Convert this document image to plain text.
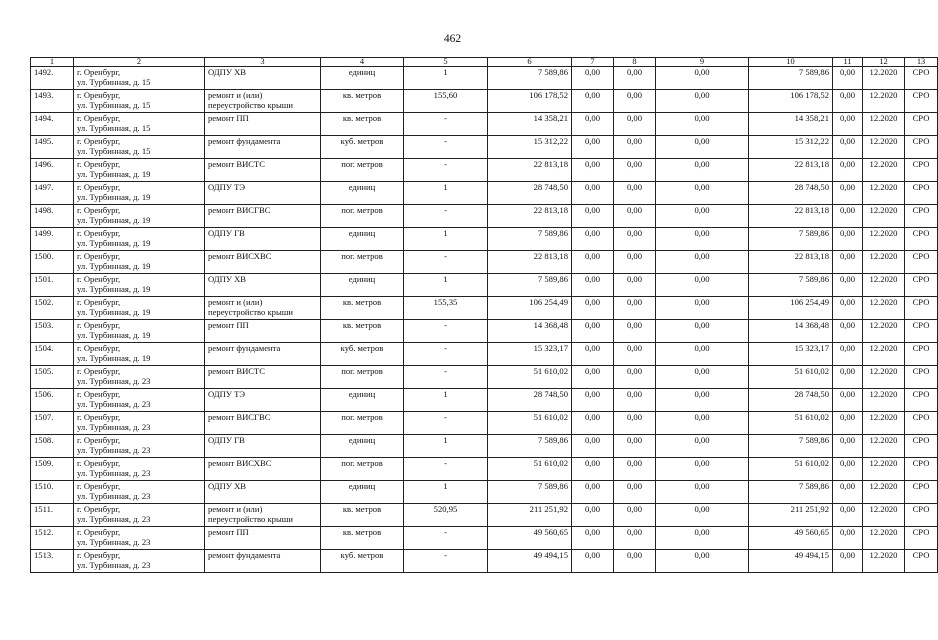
462
1	2	3	4	5	6	7	8	9	10	11	12	13

1492.	г. Оренбург,
ул. Турбинная, д. 15	ОДПУ ХВ	единиц	1	7 589,86	0,00	0,00	0,00	7 589,86	0,00	12.2020	СРО

1493.	г. Оренбург,
ул. Турбинная, д. 15	ремонт и (или)
переустройство крыши	кв. метров	155,60	106 178,52	0,00	0,00	0,00	106 178,52	0,00	12.2020	СРО

1494.	г. Оренбург,
ул. Турбинная, д. 15	ремонт ПП	кв. метров	-	14 358,21	0,00	0,00	0,00	14 358,21	0,00	12.2020	СРО

1495.	г. Оренбург,
ул. Турбинная, д. 15	ремонт фундамента	куб. метров	-	15 312,22	0,00	0,00	0,00	15 312,22	0,00	12.2020	СРО

1496.	г. Оренбург,
ул. Турбинная, д. 19	ремонт ВИСТС	пог. метров	-	22 813,18	0,00	0,00	0,00	22 813,18	0,00	12.2020	СРО

1497.	г. Оренбург,
ул. Турбинная, д. 19	ОДПУ ТЭ	единиц	1	28 748,50	0,00	0,00	0,00	28 748,50	0,00	12.2020	СРО

1498.	г. Оренбург,
ул. Турбинная, д. 19	ремонт ВИСГВС	пог. метров	-	22 813,18	0,00	0,00	0,00	22 813,18	0,00	12.2020	СРО

1499.	г. Оренбург,
ул. Турбинная, д. 19	ОДПУ ГВ	единиц	1	7 589,86	0,00	0,00	0,00	7 589,86	0,00	12.2020	СРО

1500.	г. Оренбург,
ул. Турбинная, д. 19	ремонт ВИСХВС	пог. метров	-	22 813,18	0,00	0,00	0,00	22 813,18	0,00	12.2020	СРО

1501.	г. Оренбург,
ул. Турбинная, д. 19	ОДПУ ХВ	единиц	1	7 589,86	0,00	0,00	0,00	7 589,86	0,00	12.2020	СРО

1502.	г. Оренбург,
ул. Турбинная, д. 19	ремонт и (или)
переустройство крыши	кв. метров	155,35	106 254,49	0,00	0,00	0,00	106 254,49	0,00	12.2020	СРО

1503.	г. Оренбург,
ул. Турбинная, д. 19	ремонт ПП	кв. метров	-	14 368,48	0,00	0,00	0,00	14 368,48	0,00	12.2020	СРО

1504.	г. Оренбург,
ул. Турбинная, д. 19	ремонт фундамента	куб. метров	-	15 323,17	0,00	0,00	0,00	15 323,17	0,00	12.2020	СРО

1505.	г. Оренбург,
ул. Турбинная, д. 23	ремонт ВИСТС	пог. метров	-	51 610,02	0,00	0,00	0,00	51 610,02	0,00	12.2020	СРО

1506.	г. Оренбург,
ул. Турбинная, д. 23	ОДПУ ТЭ	единиц	1	28 748,50	0,00	0,00	0,00	28 748,50	0,00	12.2020	СРО

1507.	г. Оренбург,
ул. Турбинная, д. 23	ремонт ВИСГВС	пог. метров	-	51 610,02	0,00	0,00	0,00	51 610,02	0,00	12.2020	СРО

1508.	г. Оренбург,
ул. Турбинная, д. 23	ОДПУ ГВ	единиц	1	7 589,86	0,00	0,00	0,00	7 589,86	0,00	12.2020	СРО

1509.	г. Оренбург,
ул. Турбинная, д. 23	ремонт ВИСХВС	пог. метров	-	51 610,02	0,00	0,00	0,00	51 610,02	0,00	12.2020	СРО

1510.	г. Оренбург,
ул. Турбинная, д. 23	ОДПУ ХВ	единиц	1	7 589,86	0,00	0,00	0,00	7 589,86	0,00	12.2020	СРО

1511.	г. Оренбург,
ул. Турбинная, д. 23	ремонт и (или)
переустройство крыши	кв. метров	520,95	211 251,92	0,00	0,00	0,00	211 251,92	0,00	12.2020	СРО

1512.	г. Оренбург,
ул. Турбинная, д. 23	ремонт ПП	кв. метров	-	49 560,65	0,00	0,00	0,00	49 560,65	0,00	12.2020	СРО

1513.	г. Оренбург,
ул. Турбинная, д. 23	ремонт фундамента	куб. метров	-	49 494,15	0,00	0,00	0,00	49 494,15	0,00	12.2020	СРО
